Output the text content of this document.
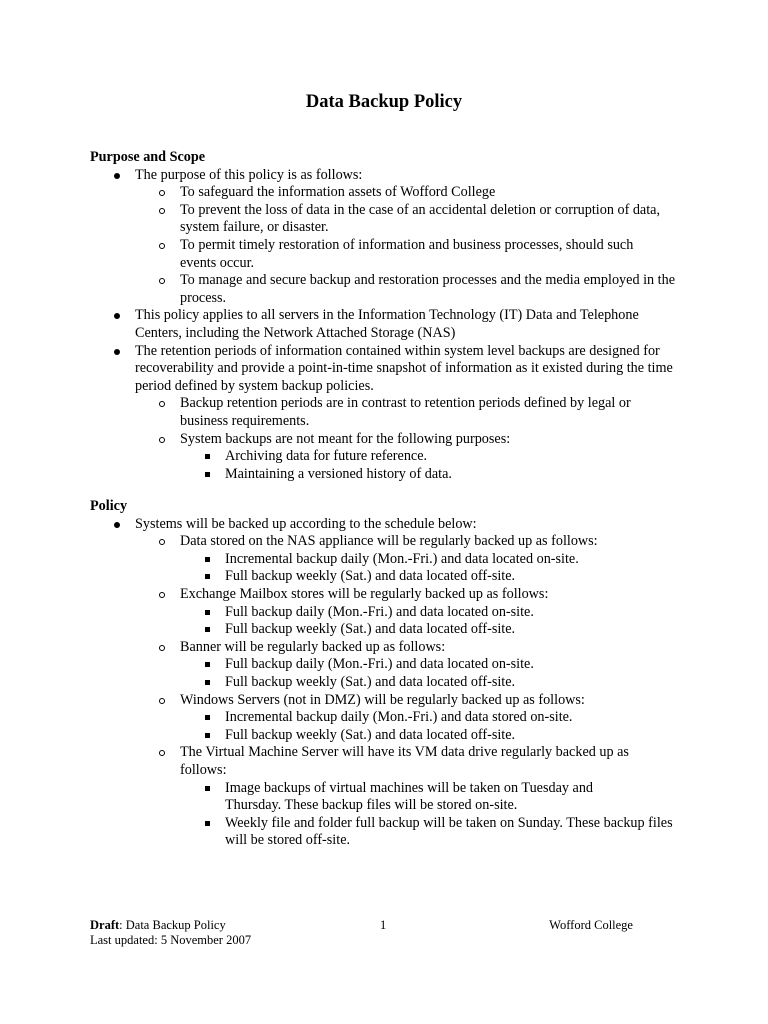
Data Backup Policy

Purpose and Scope

The purpose of this policy is as follows:
To safeguard the information assets of Wofford College
To prevent the loss of data in the case of an accidental deletion or corruption of data, system failure, or disaster.
To permit timely restoration of information and business processes, should such events occur.
To manage and secure backup and restoration processes and the media employed in the process.
This policy applies to all servers in the Information Technology (IT) Data and Telephone Centers, including the Network Attached Storage (NAS)
The retention periods of information contained within system level backups are designed for recoverability and provide a point-in-time snapshot of information as it existed during the time period defined by system backup policies.
Backup retention periods are in contrast to retention periods defined by legal or business requirements.
System backups are not meant for the following purposes:
Archiving data for future reference.
Maintaining a versioned history of data.

Policy

Systems will be backed up according to the schedule below:
Data stored on the NAS appliance will be regularly backed up as follows:
Incremental backup daily (Mon.-Fri.) and data located on-site.
Full backup weekly (Sat.) and data located off-site.
Exchange Mailbox stores will be regularly backed up as follows:
Full backup daily (Mon.-Fri.) and data located on-site.
Full backup weekly (Sat.) and data located off-site.
Banner will be regularly backed up as follows:
Full backup daily (Mon.-Fri.) and data located on-site.
Full backup weekly (Sat.) and data located off-site.
Windows Servers (not in DMZ) will be regularly backed up as follows:
Incremental backup daily (Mon.-Fri.) and data stored on-site.
Full backup weekly (Sat.) and data located off-site.
The Virtual Machine Server will have its VM data drive regularly backed up as follows:
Image backups of virtual machines will be taken on Tuesday and Thursday. These backup files will be stored on-site.
Weekly file and folder full backup will be taken on Sunday. These backup files will be stored off-site.
Draft: Data Backup Policy	1	Wofford College
Last updated: 5 November 2007
